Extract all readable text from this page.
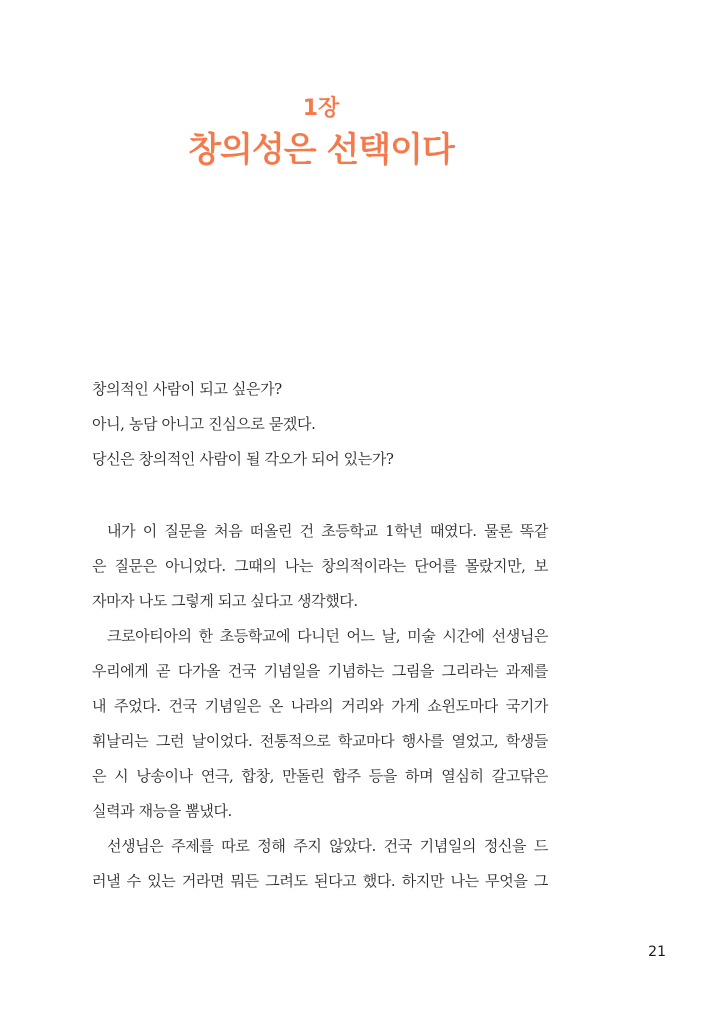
1장
창의성은 선택이다

창의적인 사람이 되고 싶은가?

아니, 농담 아니고 진심으로 묻겠다.

당신은 창의적인 사람이 될 각오가 되어 있는가?

내가 이 질문을 처음 떠올린 건 초등학교 1학년 때였다. 물론 똑같
은 질문은 아니었다. 그때의 나는 창의적이라는 단어를 몰랐지만, 보
자마자 나도 그렇게 되고 싶다고 생각했다.
크로아티아의 한 초등학교에 다니던 어느 날, 미술 시간에 선생님은
우리에게 곧 다가올 건국 기념일을 기념하는 그림을 그리라는 과제를
내 주었다. 건국 기념일은 온 나라의 거리와 가게 쇼윈도마다 국기가
휘날리는 그런 날이었다. 전통적으로 학교마다 행사를 열었고, 학생들
은 시 낭송이나 연극, 합창, 만돌린 합주 등을 하며 열심히 갈고닦은
실력과 재능을 뽐냈다.
선생님은 주제를 따로 정해 주지 않았다. 건국 기념일의 정신을 드
러낼 수 있는 거라면 뭐든 그려도 된다고 했다. 하지만 나는 무엇을 그
21
